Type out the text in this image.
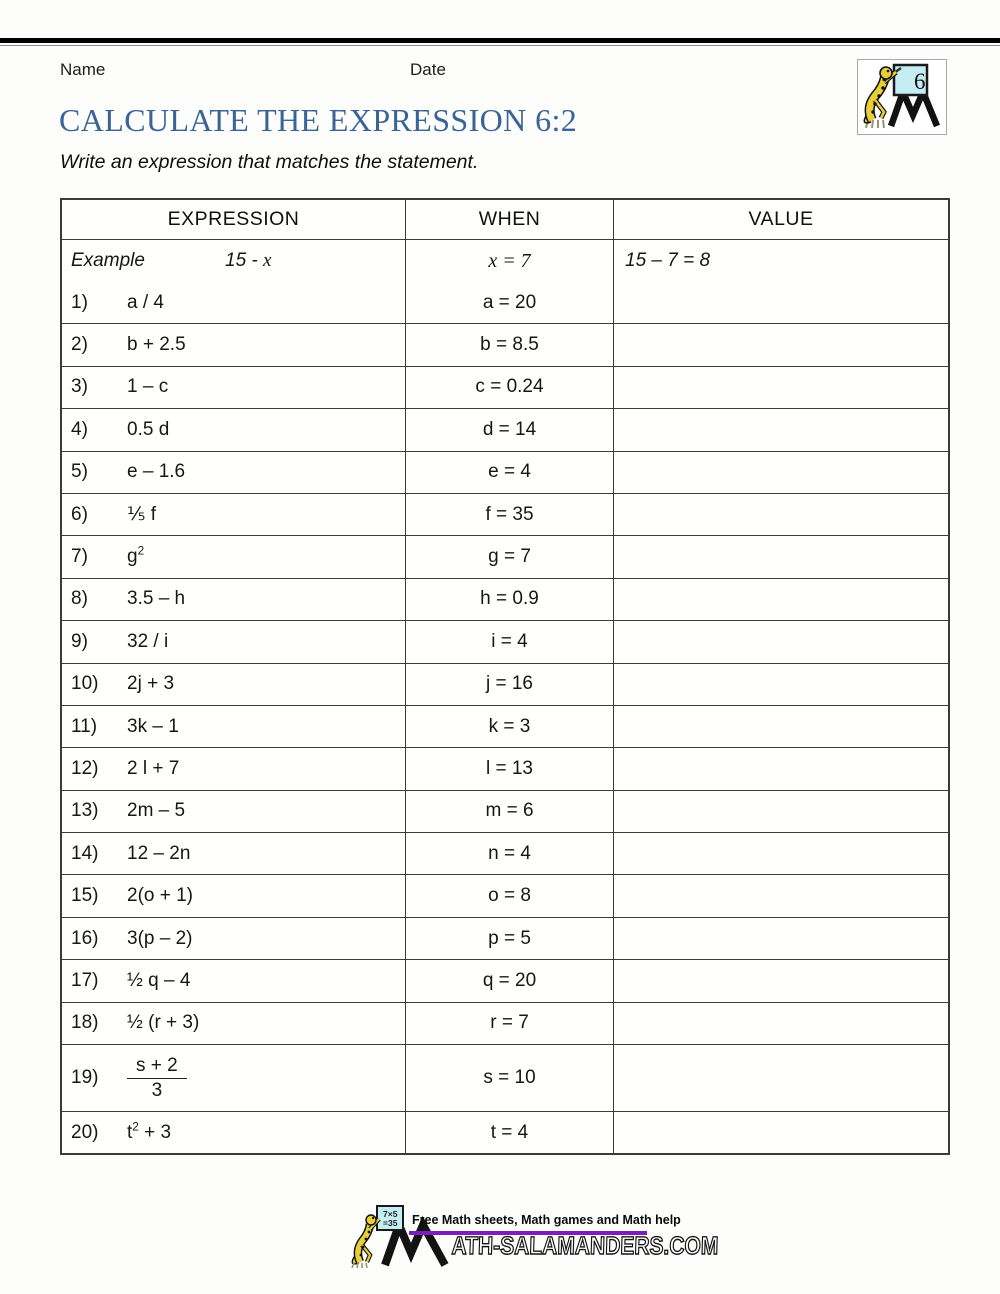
Name	Date	6
CALCULATE THE EXPRESSION 6:2
Write an expression that matches the statement.
EXPRESSION	WHEN	VALUE
Example	15 - x	x = 7	15 – 7 = 8
1)	a / 4	a = 20
2)	b + 2.5	b = 8.5
3)	1 – c	c = 0.24
4)	0.5 d	d = 14
5)	e – 1.6	e = 4
6)	⅕ f	f = 35
7)	$g^2$	g = 7
8)	3.5 – h	h = 0.9
9)	32 / i	i = 4
10)	2j + 3	j = 16
11)	3k – 1	k = 3
12)	2 l + 7	l = 13
13)	2m – 5	m = 6
14)	12 – 2n	n = 4
15)	2(o + 1)	o = 8
16)	3(p – 2)	p = 5
17)	½ q – 4	q = 20
18)	½ (r + 3)	r = 7
19)	$\frac{s + 2}{3}$	s = 10
20)	$t^2 + 3$	t = 4
7×5
=35 Free Math sheets, Math games and Math help
ATH-SALAMANDERS.COM
